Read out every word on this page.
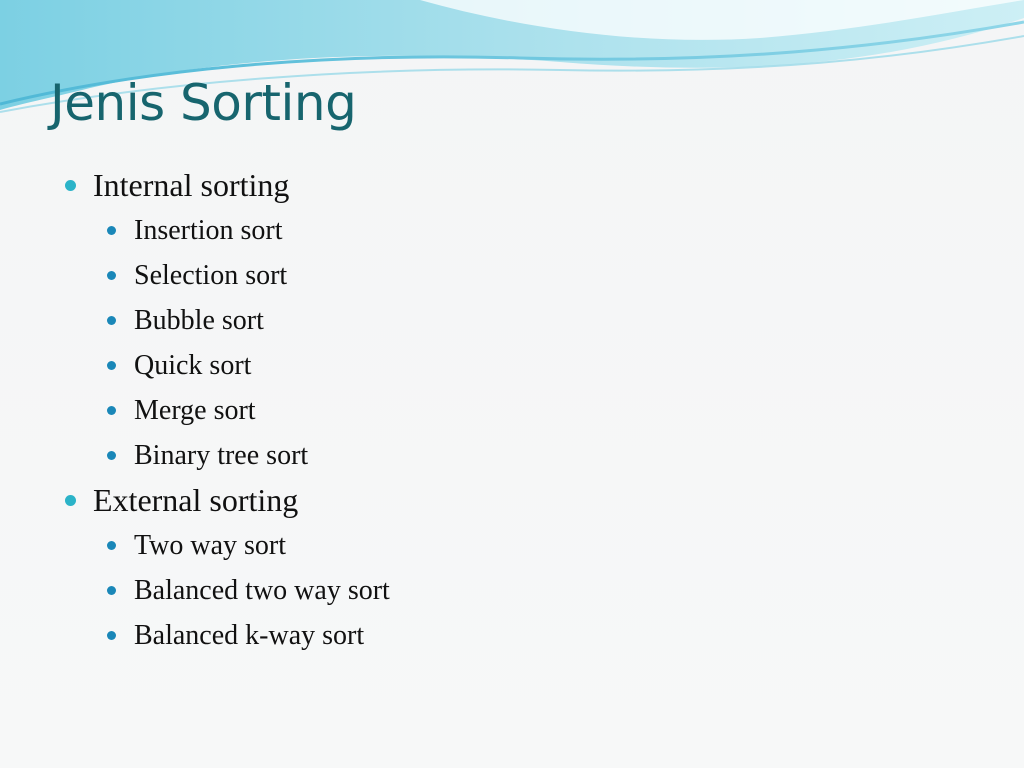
Jenis Sorting
Internal sorting
Insertion sort
Selection sort
Bubble sort
Quick sort
Merge sort
Binary tree sort
External sorting
Two way sort
Balanced two way sort
Balanced k-way sort
